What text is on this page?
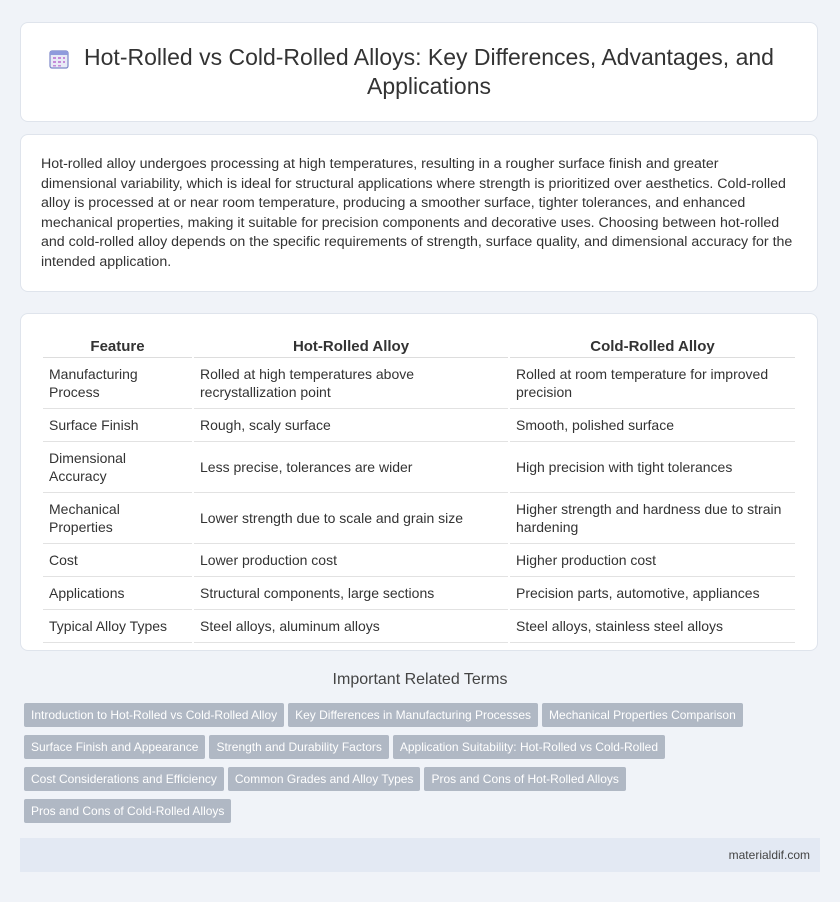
Hot-Rolled vs Cold-Rolled Alloys: Key Differences, Advantages, and Applications

Hot-rolled alloy undergoes processing at high temperatures, resulting in a rougher surface finish and greater dimensional variability, which is ideal for structural applications where strength is prioritized over aesthetics. Cold-rolled alloy is processed at or near room temperature, producing a smoother surface, tighter tolerances, and enhanced mechanical properties, making it suitable for precision components and decorative uses. Choosing between hot-rolled and cold-rolled alloy depends on the specific requirements of strength, surface quality, and dimensional accuracy for the intended application.

Feature	Hot-Rolled Alloy	Cold-Rolled Alloy
Manufacturing Process	Rolled at high temperatures above recrystallization point	Rolled at room temperature for improved precision
Surface Finish	Rough, scaly surface	Smooth, polished surface
Dimensional Accuracy	Less precise, tolerances are wider	High precision with tight tolerances
Mechanical Properties	Lower strength due to scale and grain size	Higher strength and hardness due to strain hardening
Cost	Lower production cost	Higher production cost
Applications	Structural components, large sections	Precision parts, automotive, appliances
Typical Alloy Types	Steel alloys, aluminum alloys	Steel alloys, stainless steel alloys
Important Related Terms
Introduction to Hot-Rolled vs Cold-Rolled Alloy Key Differences in Manufacturing Processes Mechanical Properties ComparisonSurface Finish and Appearance Strength and Durability Factors Application Suitability: Hot-Rolled vs Cold-RolledCost Considerations and Efficiency Common Grades and Alloy Types Pros and Cons of Hot-Rolled AlloysPros and Cons of Cold-Rolled Alloys
materialdif.com
